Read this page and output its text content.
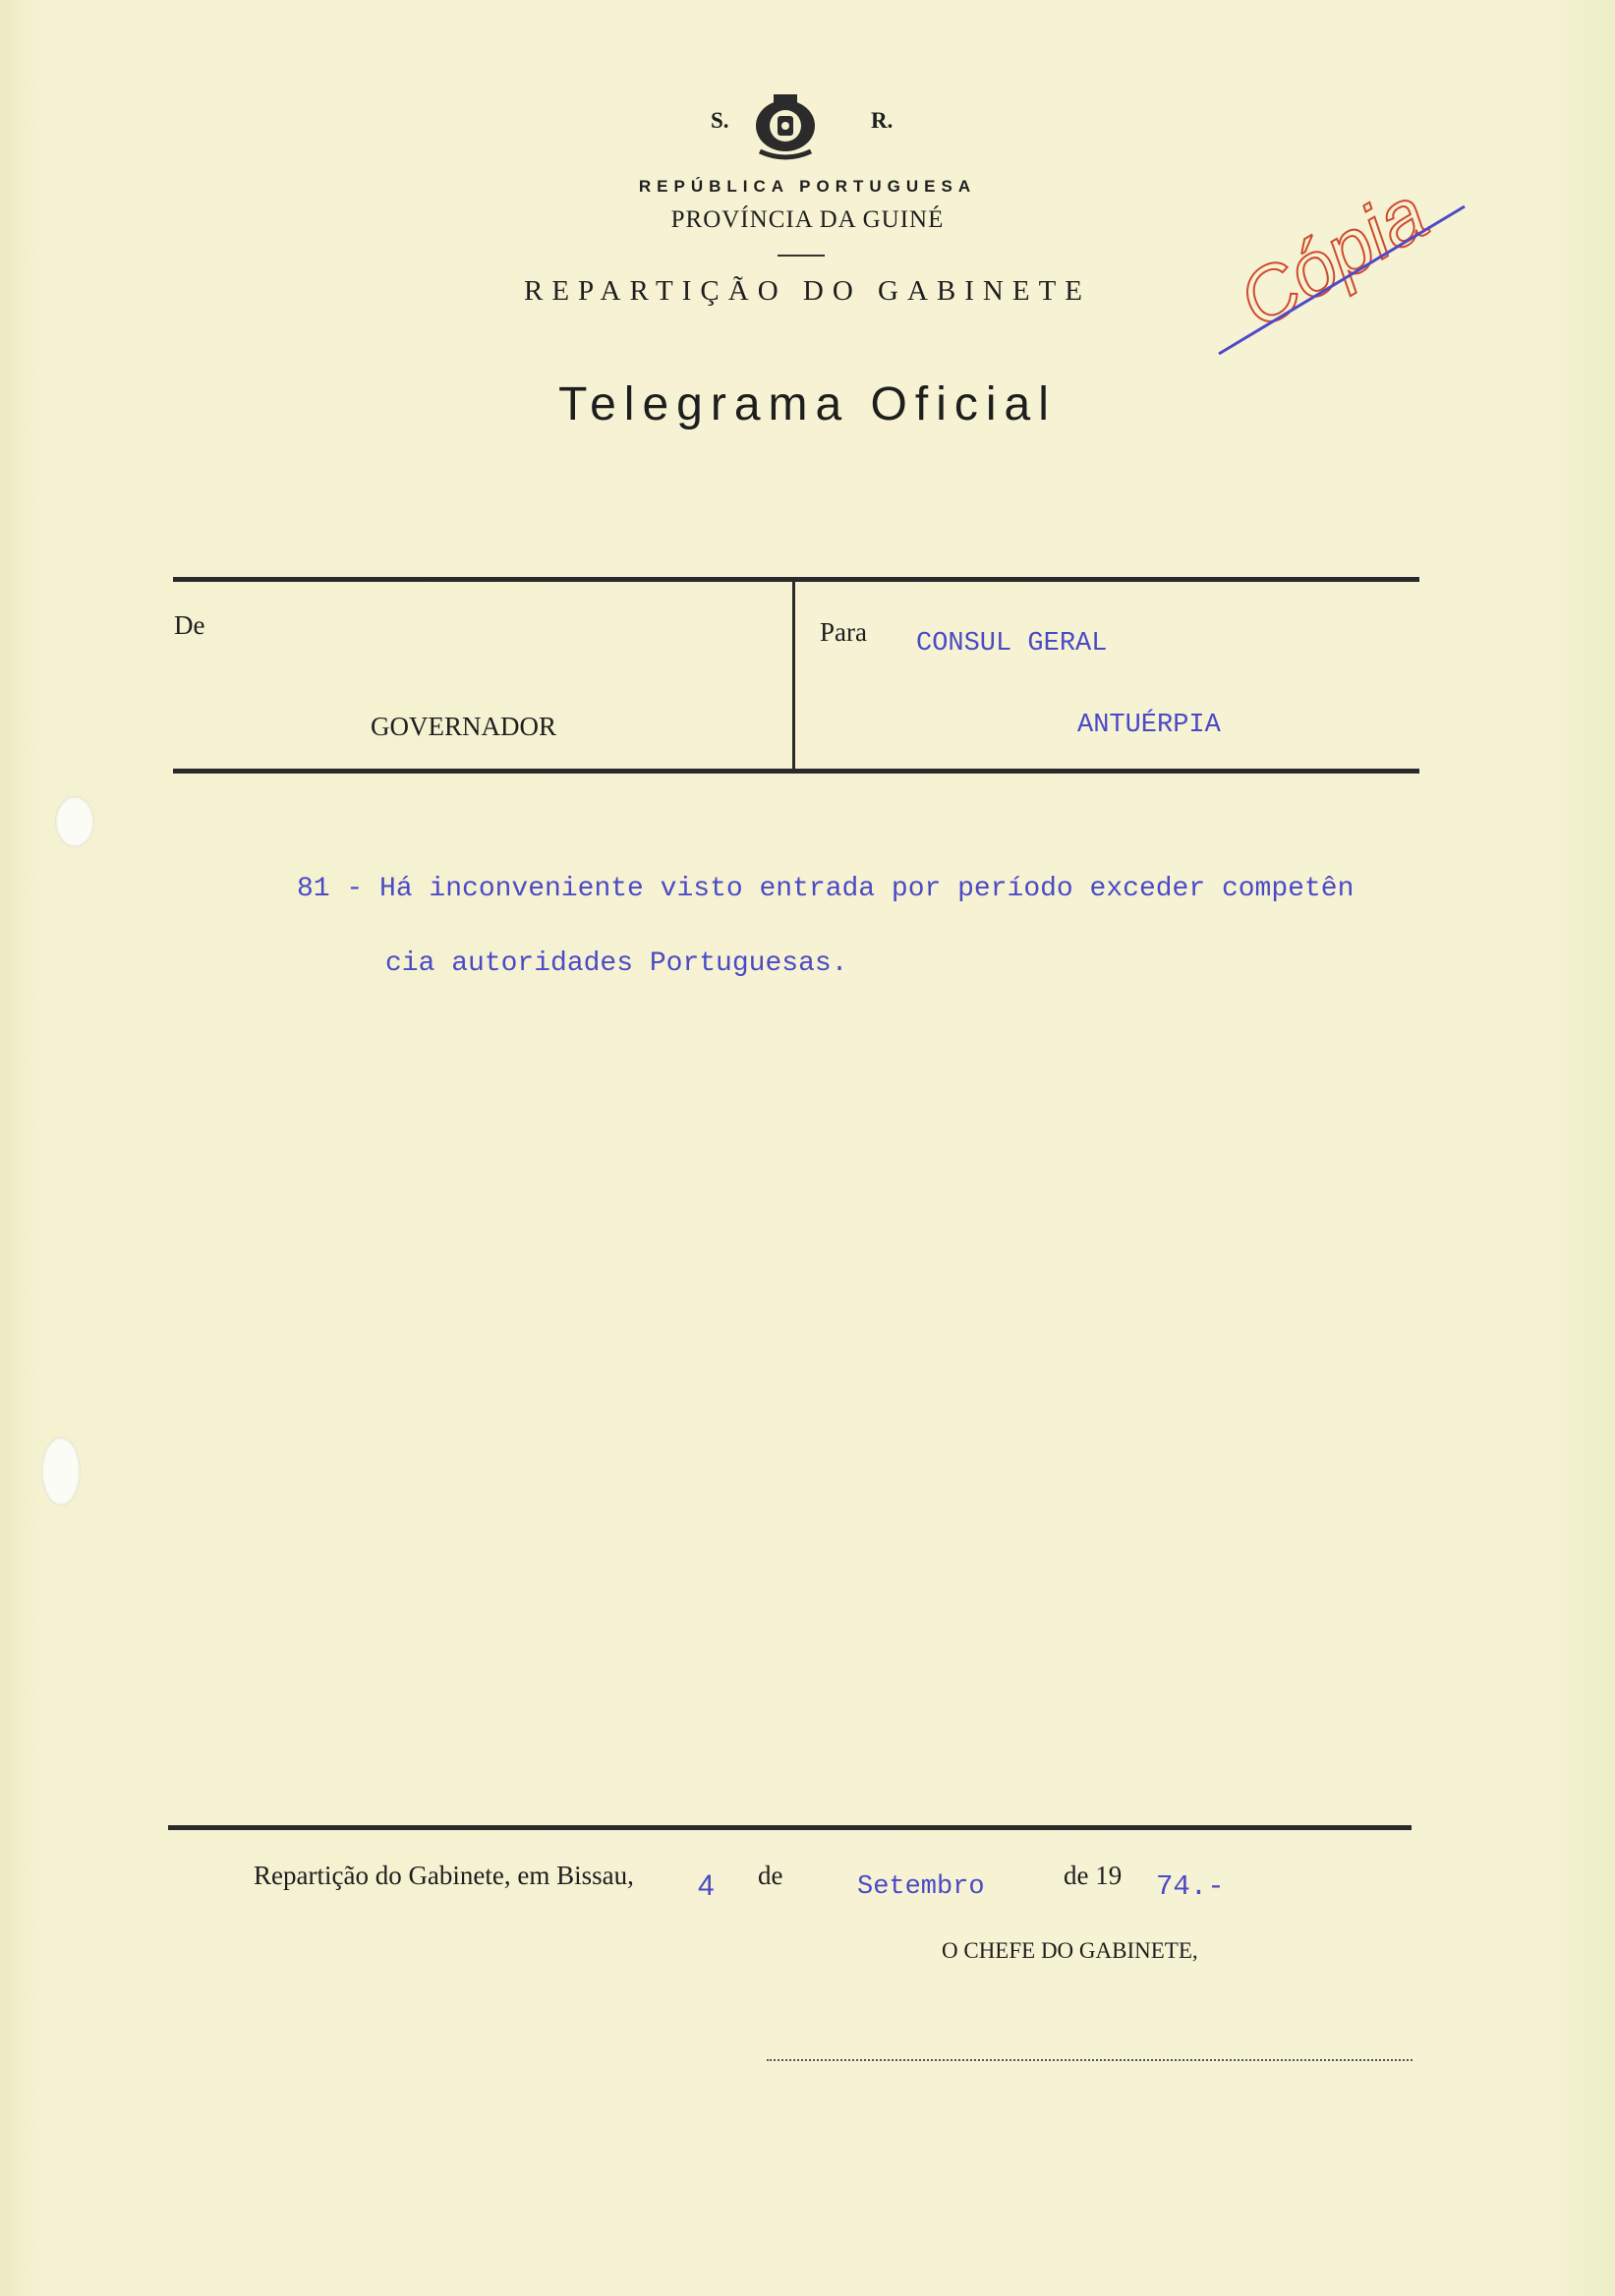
S.	R.
REPÚBLICA PORTUGUESA
PROVÍNCIA DA GUINÉ
REPARTIÇÃO DO GABINETE
Telegrama Oficial
Cópia
De
GOVERNADOR
Para CONSUL GERAL
ANTUÉRPIA
81 - Há inconveniente visto entrada por período exceder competên
cia autoridades Portuguesas.
Repartição do Gabinete, em Bissau, 4 de	Setembro	de 19 74.-
O CHEFE DO GABINETE,
